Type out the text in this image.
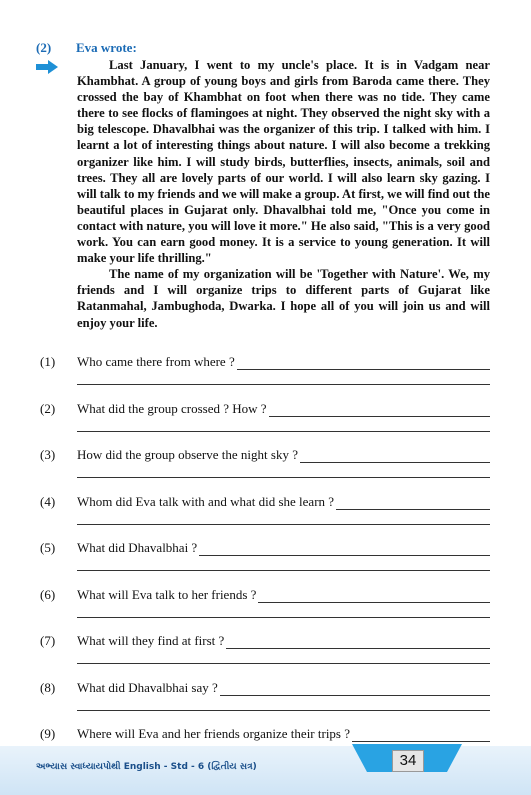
(2) Eva wrote:

Last January, I went to my uncle's place. It is in Vadgam near Khambhat. A group of young boys and girls from Baroda came there. They crossed the bay of Khambhat on foot when there was no tide. They came there to see flocks of flamingoes at night. They observed the night sky with a big telescope. Dhavalbhai was the organizer of this trip. I talked with him. I learnt a lot of interesting things about nature. I will also become a trekking organizer like him. I will study birds, butterflies, insects, animals, soil and trees. They all are lovely parts of our world. I will also learn sky gazing. I will talk to my friends and we will make a group. At first, we will find out the beautiful places in Gujarat only. Dhavalbhai told me, "Once you come in contact with nature, you will love it more." He also said, "This is a very good work. You can earn good money. It is a service to young generation. It will make your life thrilling."

The name of my organization will be 'Together with Nature'. We, my friends and I will organize trips to different parts of Gujarat like Ratanmahal, Jambughoda, Dwarka. I hope all of you will join us and will enjoy your life.

(1) Who came there from where ?
(2) What did the group crossed ? How ?
(3) How did the group observe the night sky ?
(4) Whom did Eva talk with and what did she learn ?
(5) What did Dhavalbhai ?
(6) What will Eva talk to her friends ?
(7) What will they find at first ?
(8) What did Dhavalbhai say ?
(9) Where will Eva and her friends organize their trips ?
અભ્યાસ સ્વાધ્યાયપોથી English - Std - 6 (દ્વિતીય સત્ર)	34
